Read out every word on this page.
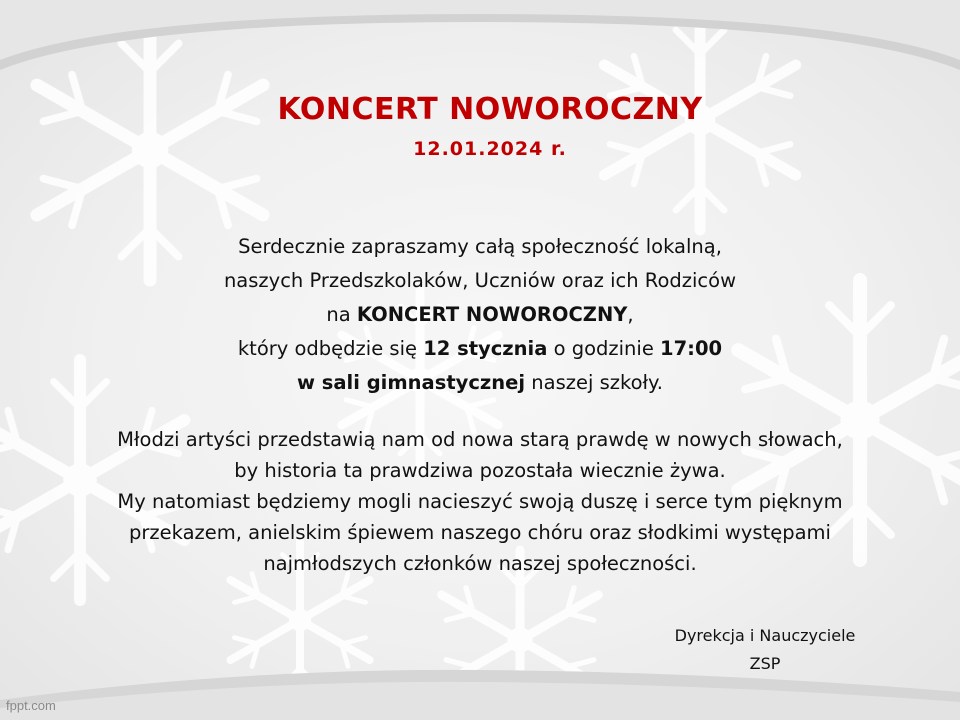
KONCERT NOWOROCZNY
12.01.2024 r.
Serdecznie zapraszamy całą społeczność lokalną,
naszych Przedszkolaków, Uczniów oraz ich Rodziców
na KONCERT NOWOROCZNY,
który odbędzie się 12 stycznia o godzinie 17:00
w sali gimnastycznej naszej szkoły.
Młodzi artyści przedstawią nam od nowa starą prawdę w nowych słowach,
by historia ta prawdziwa pozostała wiecznie żywa.
My natomiast będziemy mogli nacieszyć swoją duszę i serce tym pięknym
przekazem, anielskim śpiewem naszego chóru oraz słodkimi występami
najmłodszych członków naszej społeczności.
Dyrekcja i Nauczyciele
ZSP
fppt.com
